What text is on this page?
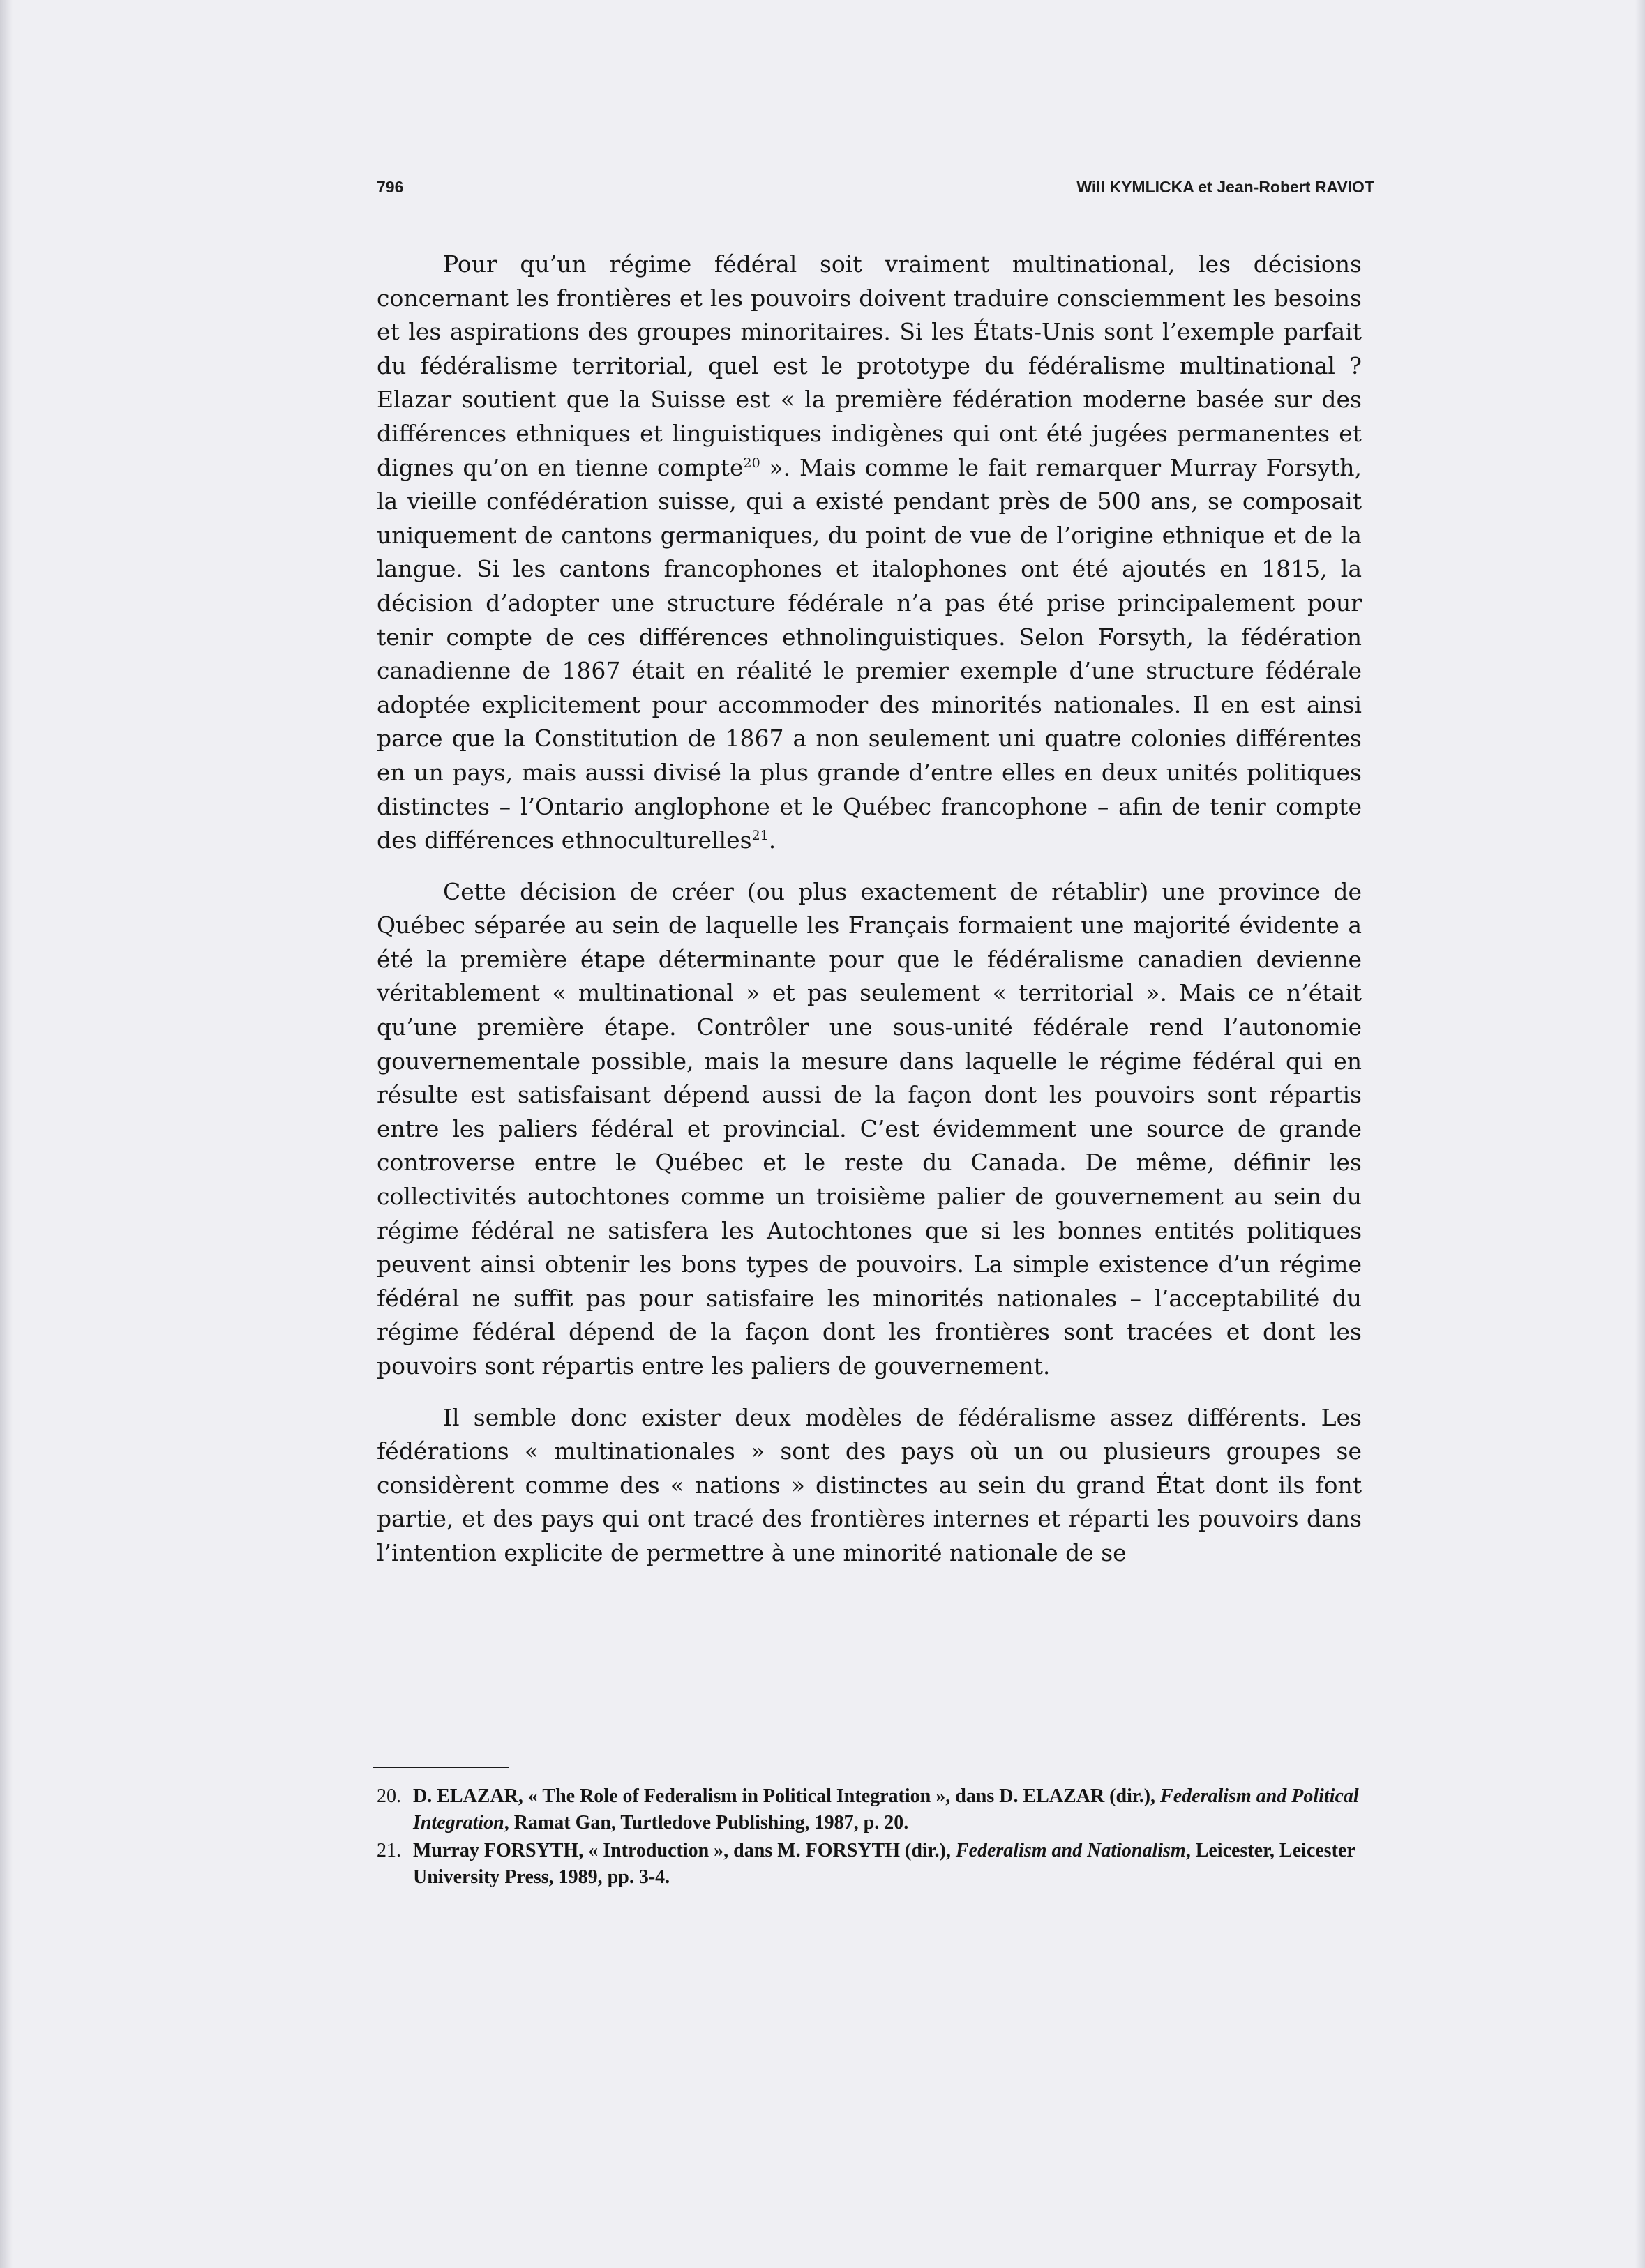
796	Will KYMLICKA et Jean-Robert RAVIOT

Pour qu’un régime fédéral soit vraiment multinational, les décisions concernant les frontières et les pouvoirs doivent traduire consciemment les besoins et les aspirations des groupes minoritaires. Si les États-Unis sont l’exemple parfait du fédéralisme territorial, quel est le prototype du fédéralisme multinational ? Elazar soutient que la Suisse est « la première fédération moderne basée sur des différences ethniques et linguistiques indigènes qui ont été jugées permanentes et dignes qu’on en tienne compte$^{20}$ ». Mais comme le fait remarquer Murray Forsyth, la vieille confédération suisse, qui a existé pendant près de 500 ans, se composait uniquement de cantons germaniques, du point de vue de l’origine ethnique et de la langue. Si les cantons francophones et italophones ont été ajoutés en 1815, la décision d’adopter une structure fédérale n’a pas été prise principalement pour tenir compte de ces différences ethnolinguistiques. Selon Forsyth, la fédération canadienne de 1867 était en réalité le premier exemple d’une structure fédérale adoptée explicitement pour accommoder des minorités nationales. Il en est ainsi parce que la Constitution de 1867 a non seulement uni quatre colonies différentes en un pays, mais aussi divisé la plus grande d’entre elles en deux unités politiques distinctes – l’Ontario anglophone et le Québec francophone – afin de tenir compte des différences ethnoculturelles$^{21}$.

Cette décision de créer (ou plus exactement de rétablir) une province de Québec séparée au sein de laquelle les Français formaient une majorité évidente a été la première étape déterminante pour que le fédéralisme canadien devienne véritablement « multinational » et pas seulement « territorial ». Mais ce n’était qu’une première étape. Contrôler une sous-unité fédérale rend l’autonomie gouvernementale possible, mais la mesure dans laquelle le régime fédéral qui en résulte est satisfaisant dépend aussi de la façon dont les pouvoirs sont répartis entre les paliers fédéral et provincial. C’est évidemment une source de grande controverse entre le Québec et le reste du Canada. De même, définir les collectivités autochtones comme un troisième palier de gouvernement au sein du régime fédéral ne satisfera les Autochtones que si les bonnes entités politiques peuvent ainsi obtenir les bons types de pouvoirs. La simple existence d’un régime fédéral ne suffit pas pour satisfaire les minorités nationales – l’acceptabilité du régime fédéral dépend de la façon dont les frontières sont tracées et dont les pouvoirs sont répartis entre les paliers de gouvernement.

Il semble donc exister deux modèles de fédéralisme assez différents. Les fédérations « multinationales » sont des pays où un ou plusieurs groupes se considèrent comme des « nations » distinctes au sein du grand État dont ils font partie, et des pays qui ont tracé des frontières internes et réparti les pouvoirs dans l’intention explicite de permettre à une minorité nationale de se

20. D. ELAZAR, « The Role of Federalism in Political Integration », dans D. ELAZAR (dir.), Federalism and Political Integration, Ramat Gan, Turtledove Publishing, 1987, p. 20.
21. Murray FORSYTH, « Introduction », dans M. FORSYTH (dir.), Federalism and Nationalism, Leicester, Leicester University Press, 1989, pp. 3-4.
